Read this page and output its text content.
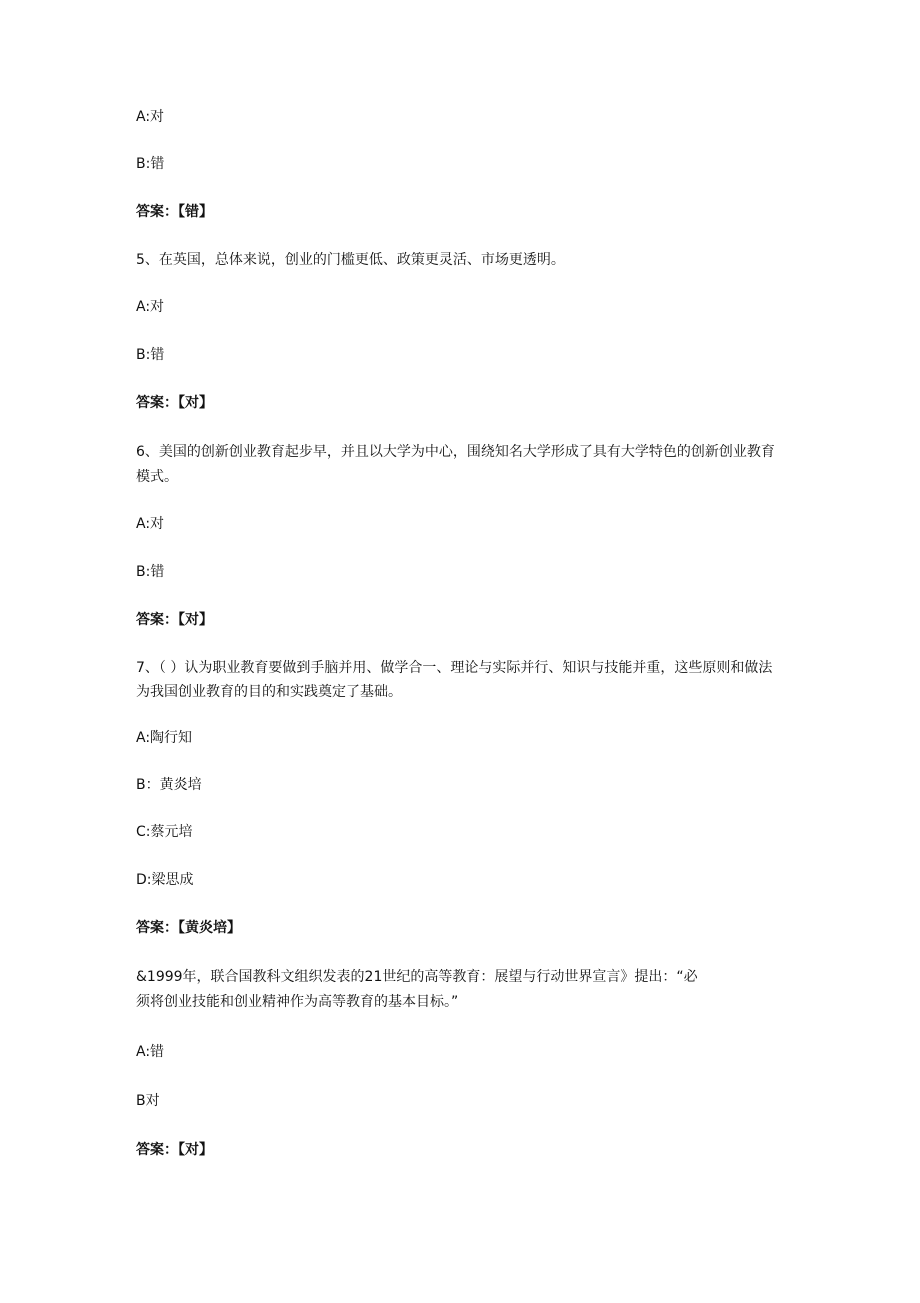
A:对

B:错

答案：【错】

5、在英国，总体来说，创业的门槛更低、政策更灵活、市场更透明。

A:对

B:错

答案：【对】

6、美国的创新创业教育起步早，并且以大学为中心，围绕知名大学形成了具有大学特色的创新创业教育

模式。

A:对

B:错

答案：【对】

7、（ ）认为职业教育要做到手脑并用、做学合一、理论与实际并行、知识与技能并重，这些原则和做法

为我国创业教育的目的和实践奠定了基础。

A:陶行知

B：黄炎培

C:蔡元培

D:梁思成

答案：【黄炎培】

&1999年，联合国教科文组织发表的21世纪的高等教育：展望与行动世界宣言》提出：“必

须将创业技能和创业精神作为高等教育的基本目标。”

A:错

B对

答案：【对】
